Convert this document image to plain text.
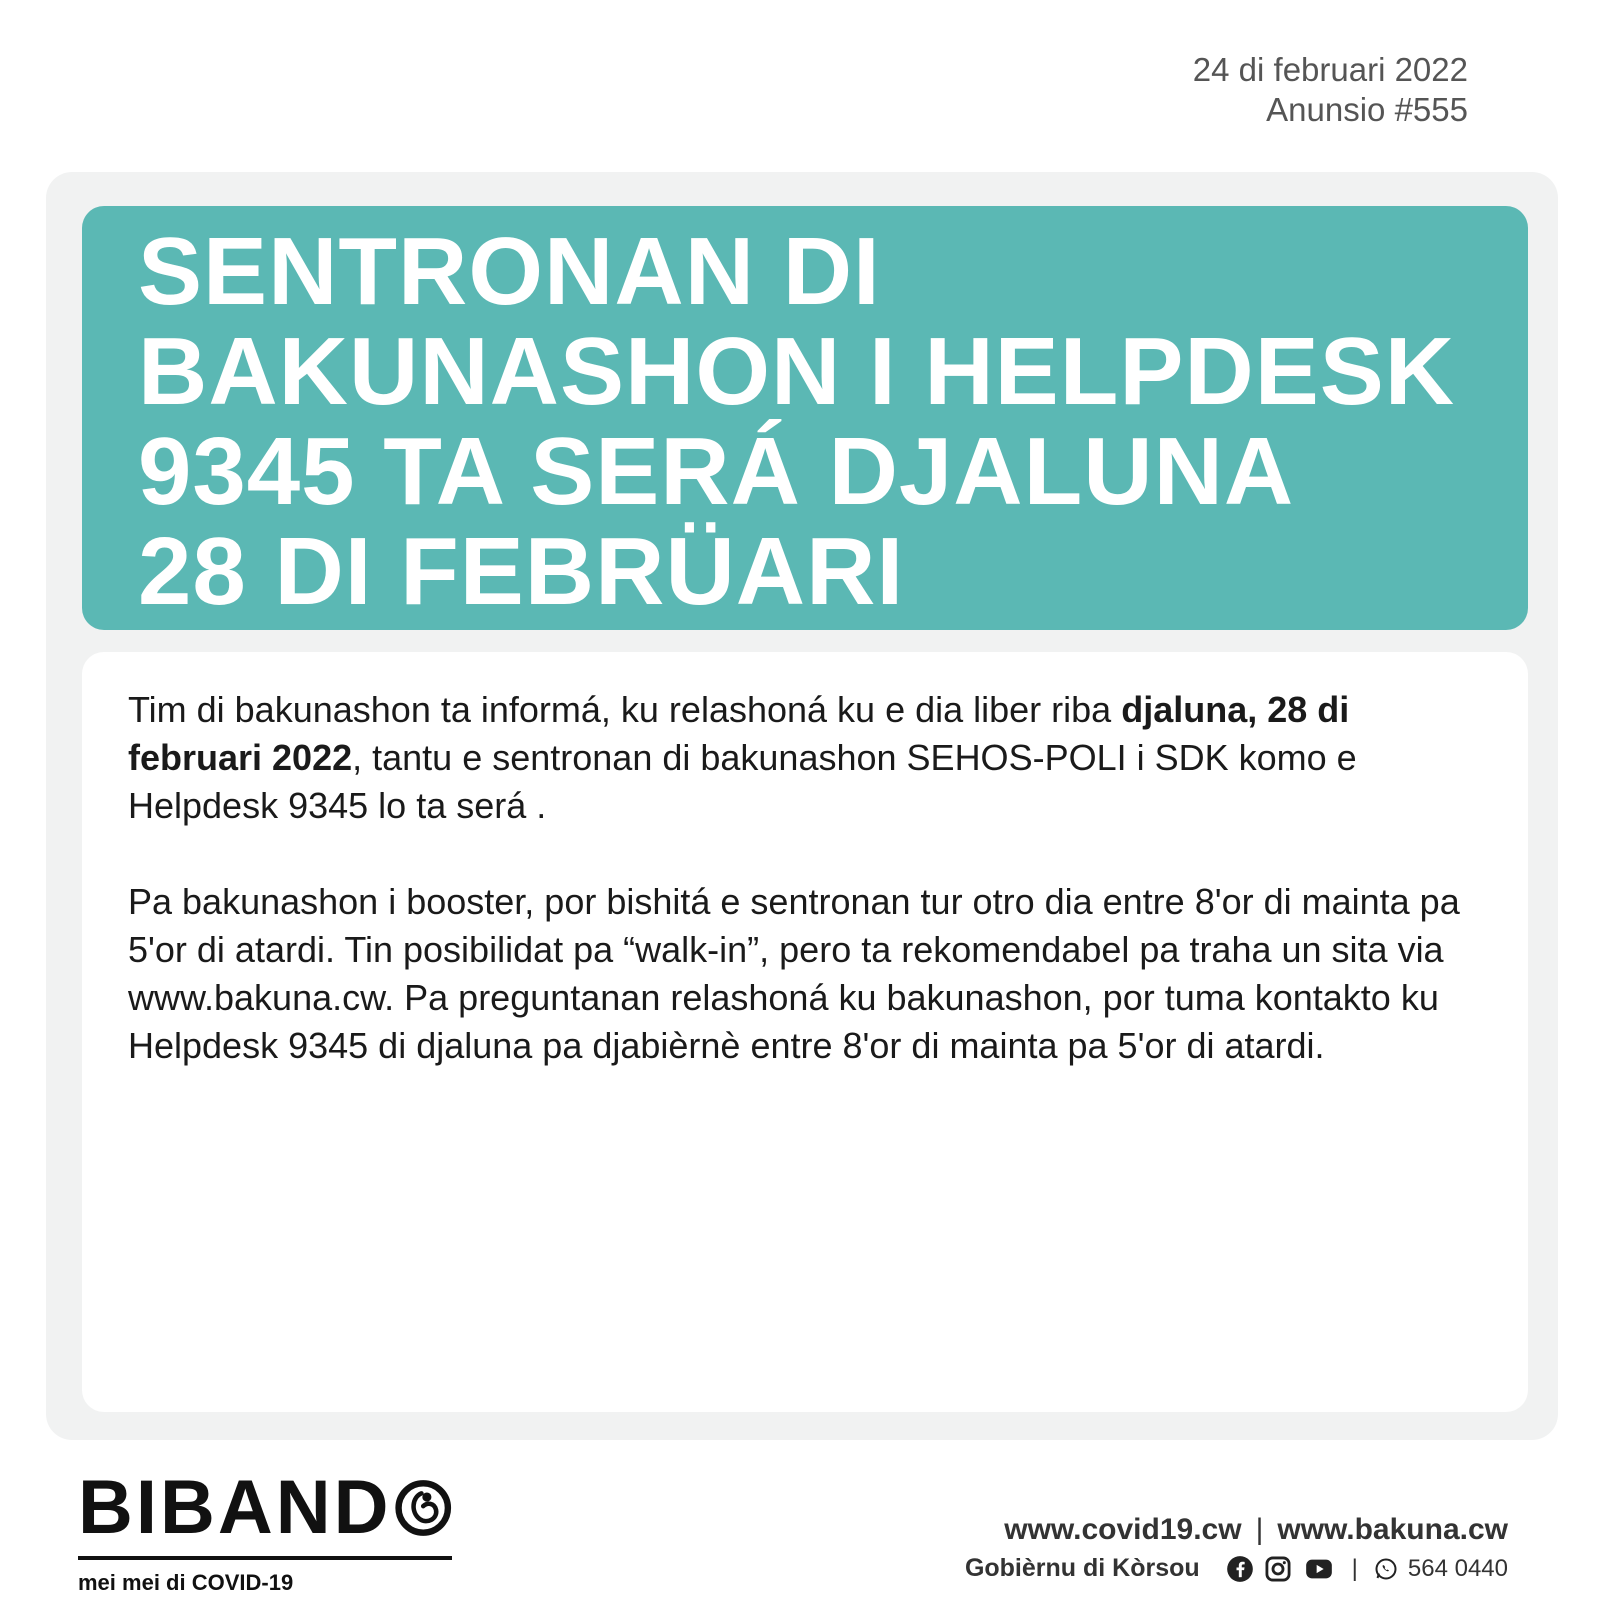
24 di februari 2022
Anunsio #555
SENTRONAN DI
BAKUNASHON I HELPDESK
9345 TA SERÁ DJALUNA
28 DI FEBRÜARI

Tim di bakunashon ta informá, ku relashoná ku e dia liber riba djaluna, 28 di februari 2022, tantu e sentronan di bakunashon SEHOS-POLI i SDK komo e Helpdesk 9345 lo ta será .

Pa bakunashon i booster, por bishitá e sentronan tur otro dia entre 8'or di mainta pa 5'or di atardi. Tin posibilidat pa “walk-in”, pero ta rekomendabel pa traha un sita via www.bakuna.cw. Pa preguntanan relashoná ku bakunashon, por tuma kontakto ku Helpdesk 9345 di djaluna pa djabièrnè entre 8'or di mainta pa 5'or di atardi.

BIBAND
mei mei di COVID-19
www.covid19.cw | www.bakuna.cw
Gobièrnu di Kòrsou	| 564 0440
